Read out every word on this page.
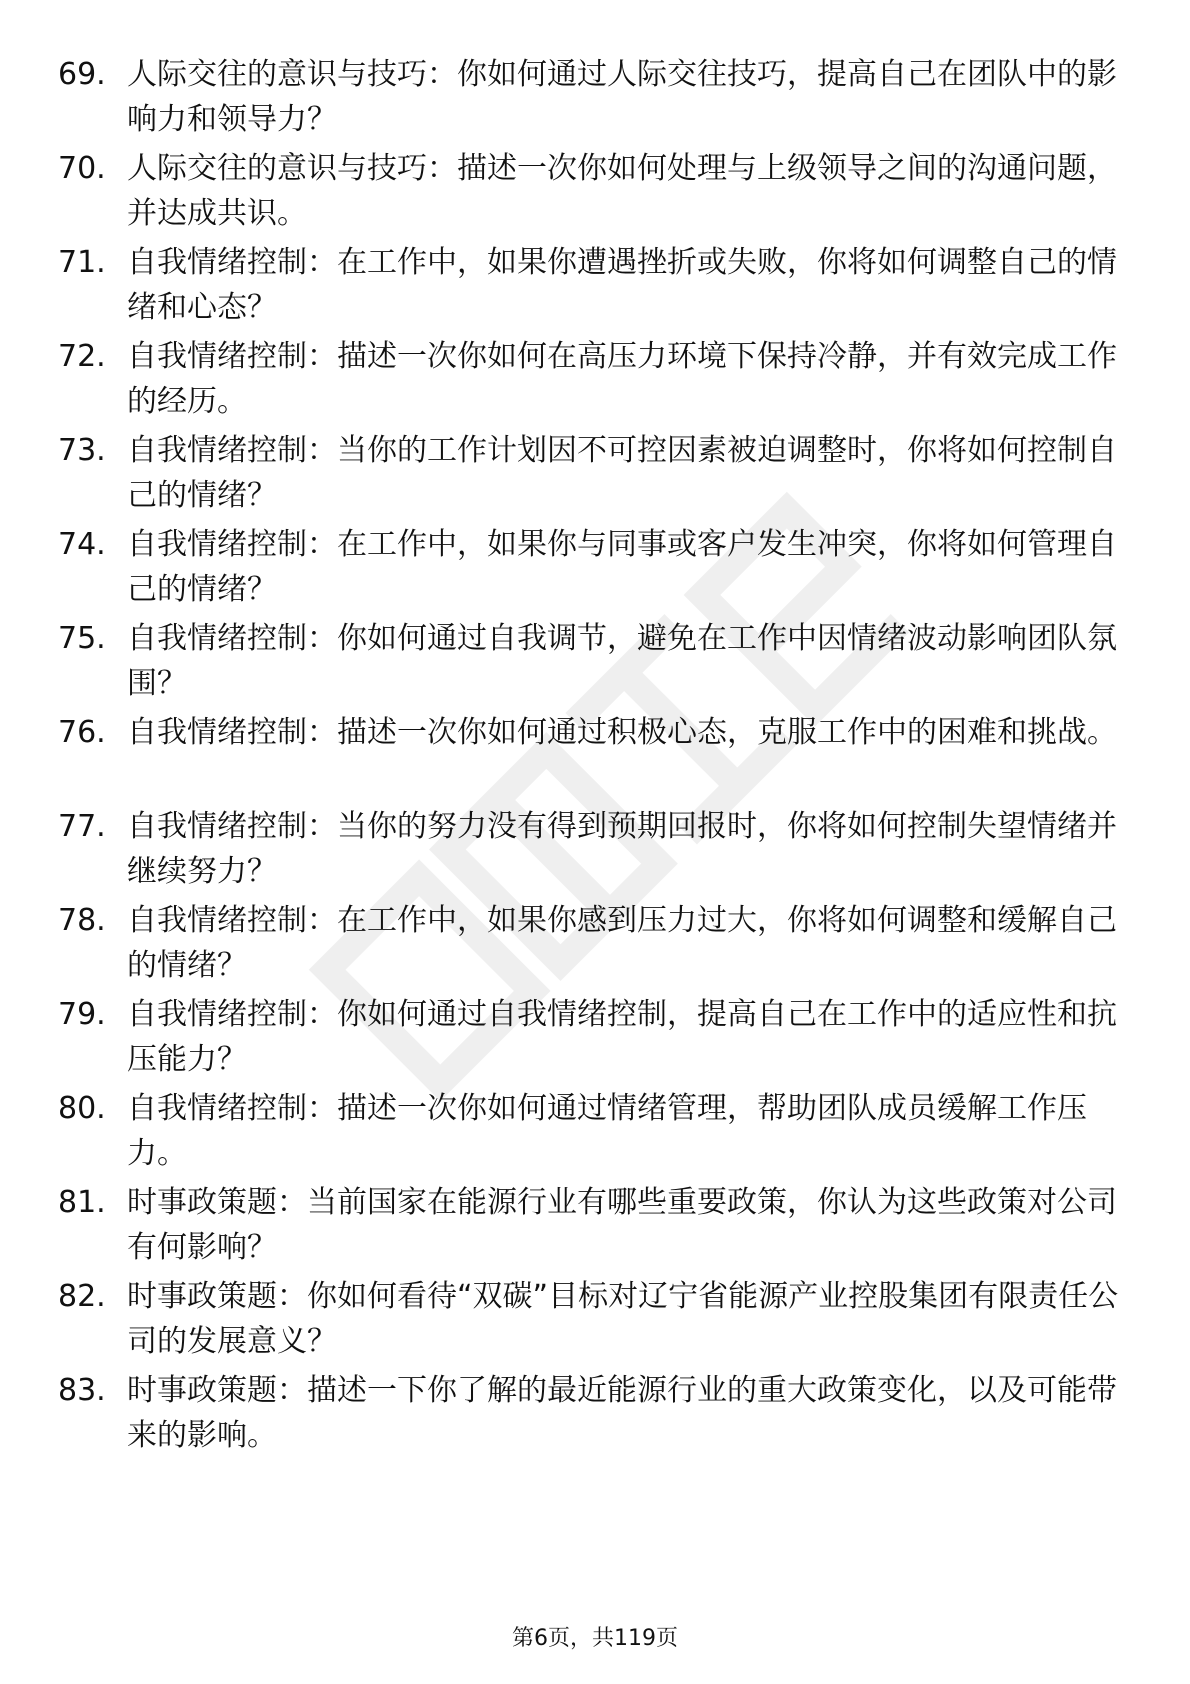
69. 人际交往的意识与技巧：你如何通过人际交往技巧，提高自己在团队中的影响力和领导力？
70. 人际交往的意识与技巧：描述一次你如何处理与上级领导之间的沟通问题，并达成共识。
71. 自我情绪控制：在工作中，如果你遭遇挫折或失败，你将如何调整自己的情绪和心态？
72. 自我情绪控制：描述一次你如何在高压力环境下保持冷静，并有效完成工作的经历。
73. 自我情绪控制：当你的工作计划因不可控因素被迫调整时，你将如何控制自己的情绪？
74. 自我情绪控制：在工作中，如果你与同事或客户发生冲突，你将如何管理自己的情绪？
75. 自我情绪控制：你如何通过自我调节，避免在工作中因情绪波动影响团队氛围？
76. 自我情绪控制：描述一次你如何通过积极心态，克服工作中的困难和挑战。
77. 自我情绪控制：当你的努力没有得到预期回报时，你将如何控制失望情绪并继续努力？
78. 自我情绪控制：在工作中，如果你感到压力过大，你将如何调整和缓解自己的情绪？
79. 自我情绪控制：你如何通过自我情绪控制，提高自己在工作中的适应性和抗压能力？
80. 自我情绪控制：描述一次你如何通过情绪管理，帮助团队成员缓解工作压力。
81. 时事政策题：当前国家在能源行业有哪些重要政策，你认为这些政策对公司有何影响？
82. 时事政策题：你如何看待“双碳”目标对辽宁省能源产业控股集团有限责任公司的发展意义？
83. 时事政策题：描述一下你了解的最近能源行业的重大政策变化，以及可能带来的影响。
第6页，共119页
